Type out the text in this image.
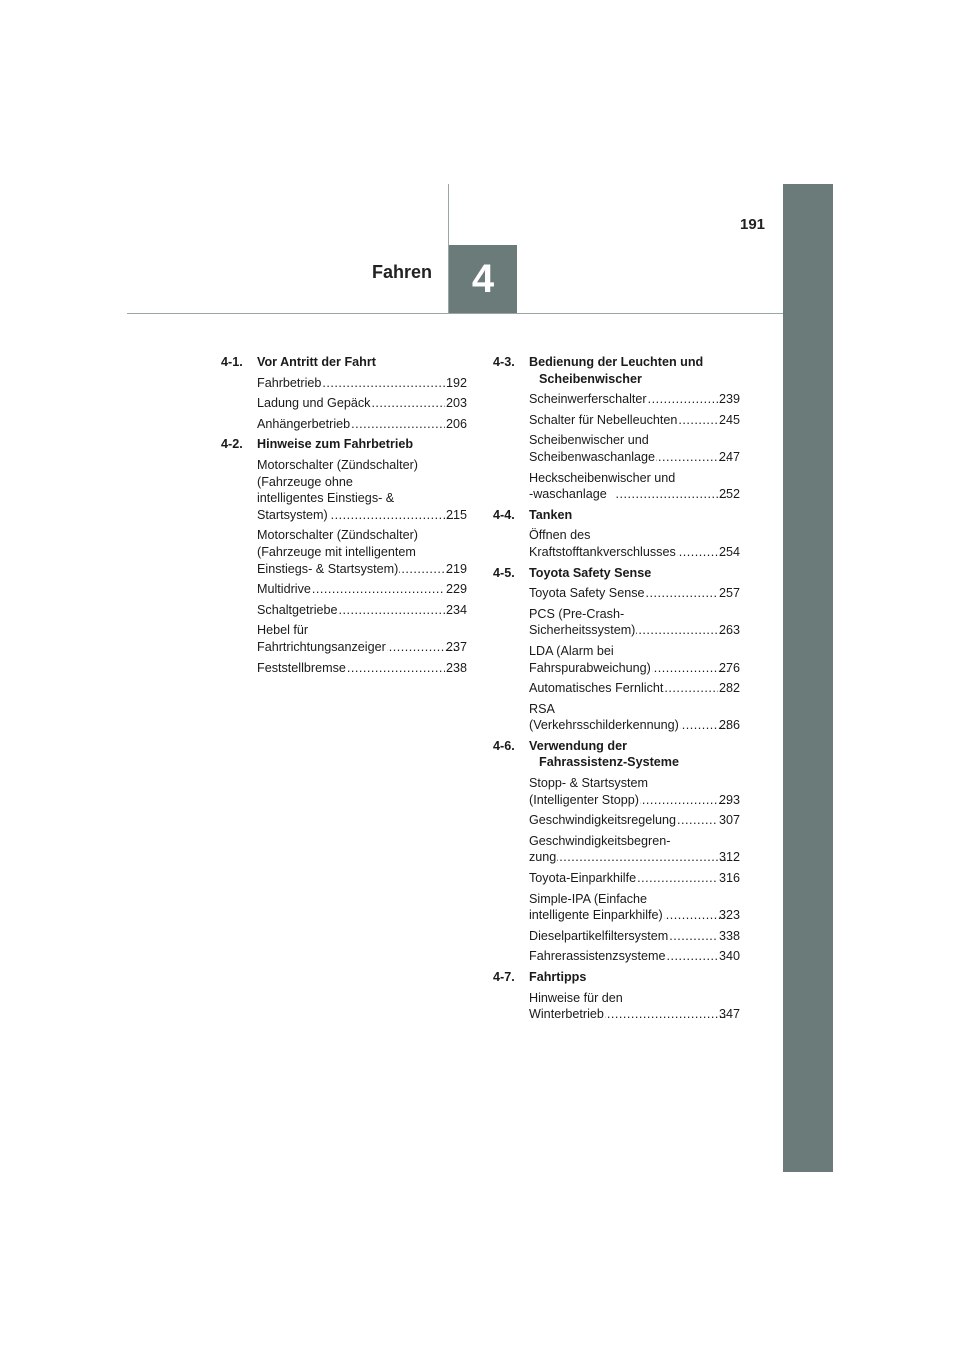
191
Fahren 4
4-1.	Vor Antritt der Fahrt
Fahrbetrieb .....	192
Ladung und Gepäck .....	203
Anhängerbetrieb .....	206
4-2.	Hinweise zum Fahrbetrieb
Motorschalter (Zündschalter)
(Fahrzeuge ohne
intelligentes Einstiegs- &
Startsystem) .....	215
Motorschalter (Zündschalter)
(Fahrzeuge mit intelligentem
Einstiegs- & Startsystem) .....	219
Multidrive .....	229
Schaltgetriebe .....	234
Hebel für
Fahrtrichtungsanzeiger .....	237
Feststellbremse .....	238
4-3.	Bedienung der Leuchten und
Scheibenwischer
Scheinwerferschalter .....	239
Schalter für Nebelleuchten .....	245
Scheibenwischer und
Scheibenwaschanlage .....	247
Heckscheibenwischer und
-waschanlage .....	252
4-4.	Tanken
Öffnen des
Kraftstofftankverschlusses .....	254
4-5.	Toyota Safety Sense
Toyota Safety Sense .....	257
PCS (Pre-Crash-
Sicherheitssystem) .....	263
LDA (Alarm bei
Fahrspurabweichung) .....	276
Automatisches Fernlicht .....	282
RSA
(Verkehrsschilderkennung) .....	286
4-6.	Verwendung der
Fahrassistenz-Systeme
Stopp- & Startsystem
(Intelligenter Stopp) .....	293
Geschwindigkeitsregelung .....	307
Geschwindigkeitsbegren-
zung .....	312
Toyota-Einparkhilfe .....	316
Simple-IPA (Einfache
intelligente Einparkhilfe) .....	323
Dieselpartikelfiltersystem .....	338
Fahrerassistenzsysteme .....	340
4-7.	Fahrtipps
Hinweise für den
Winterbetrieb .....	347
